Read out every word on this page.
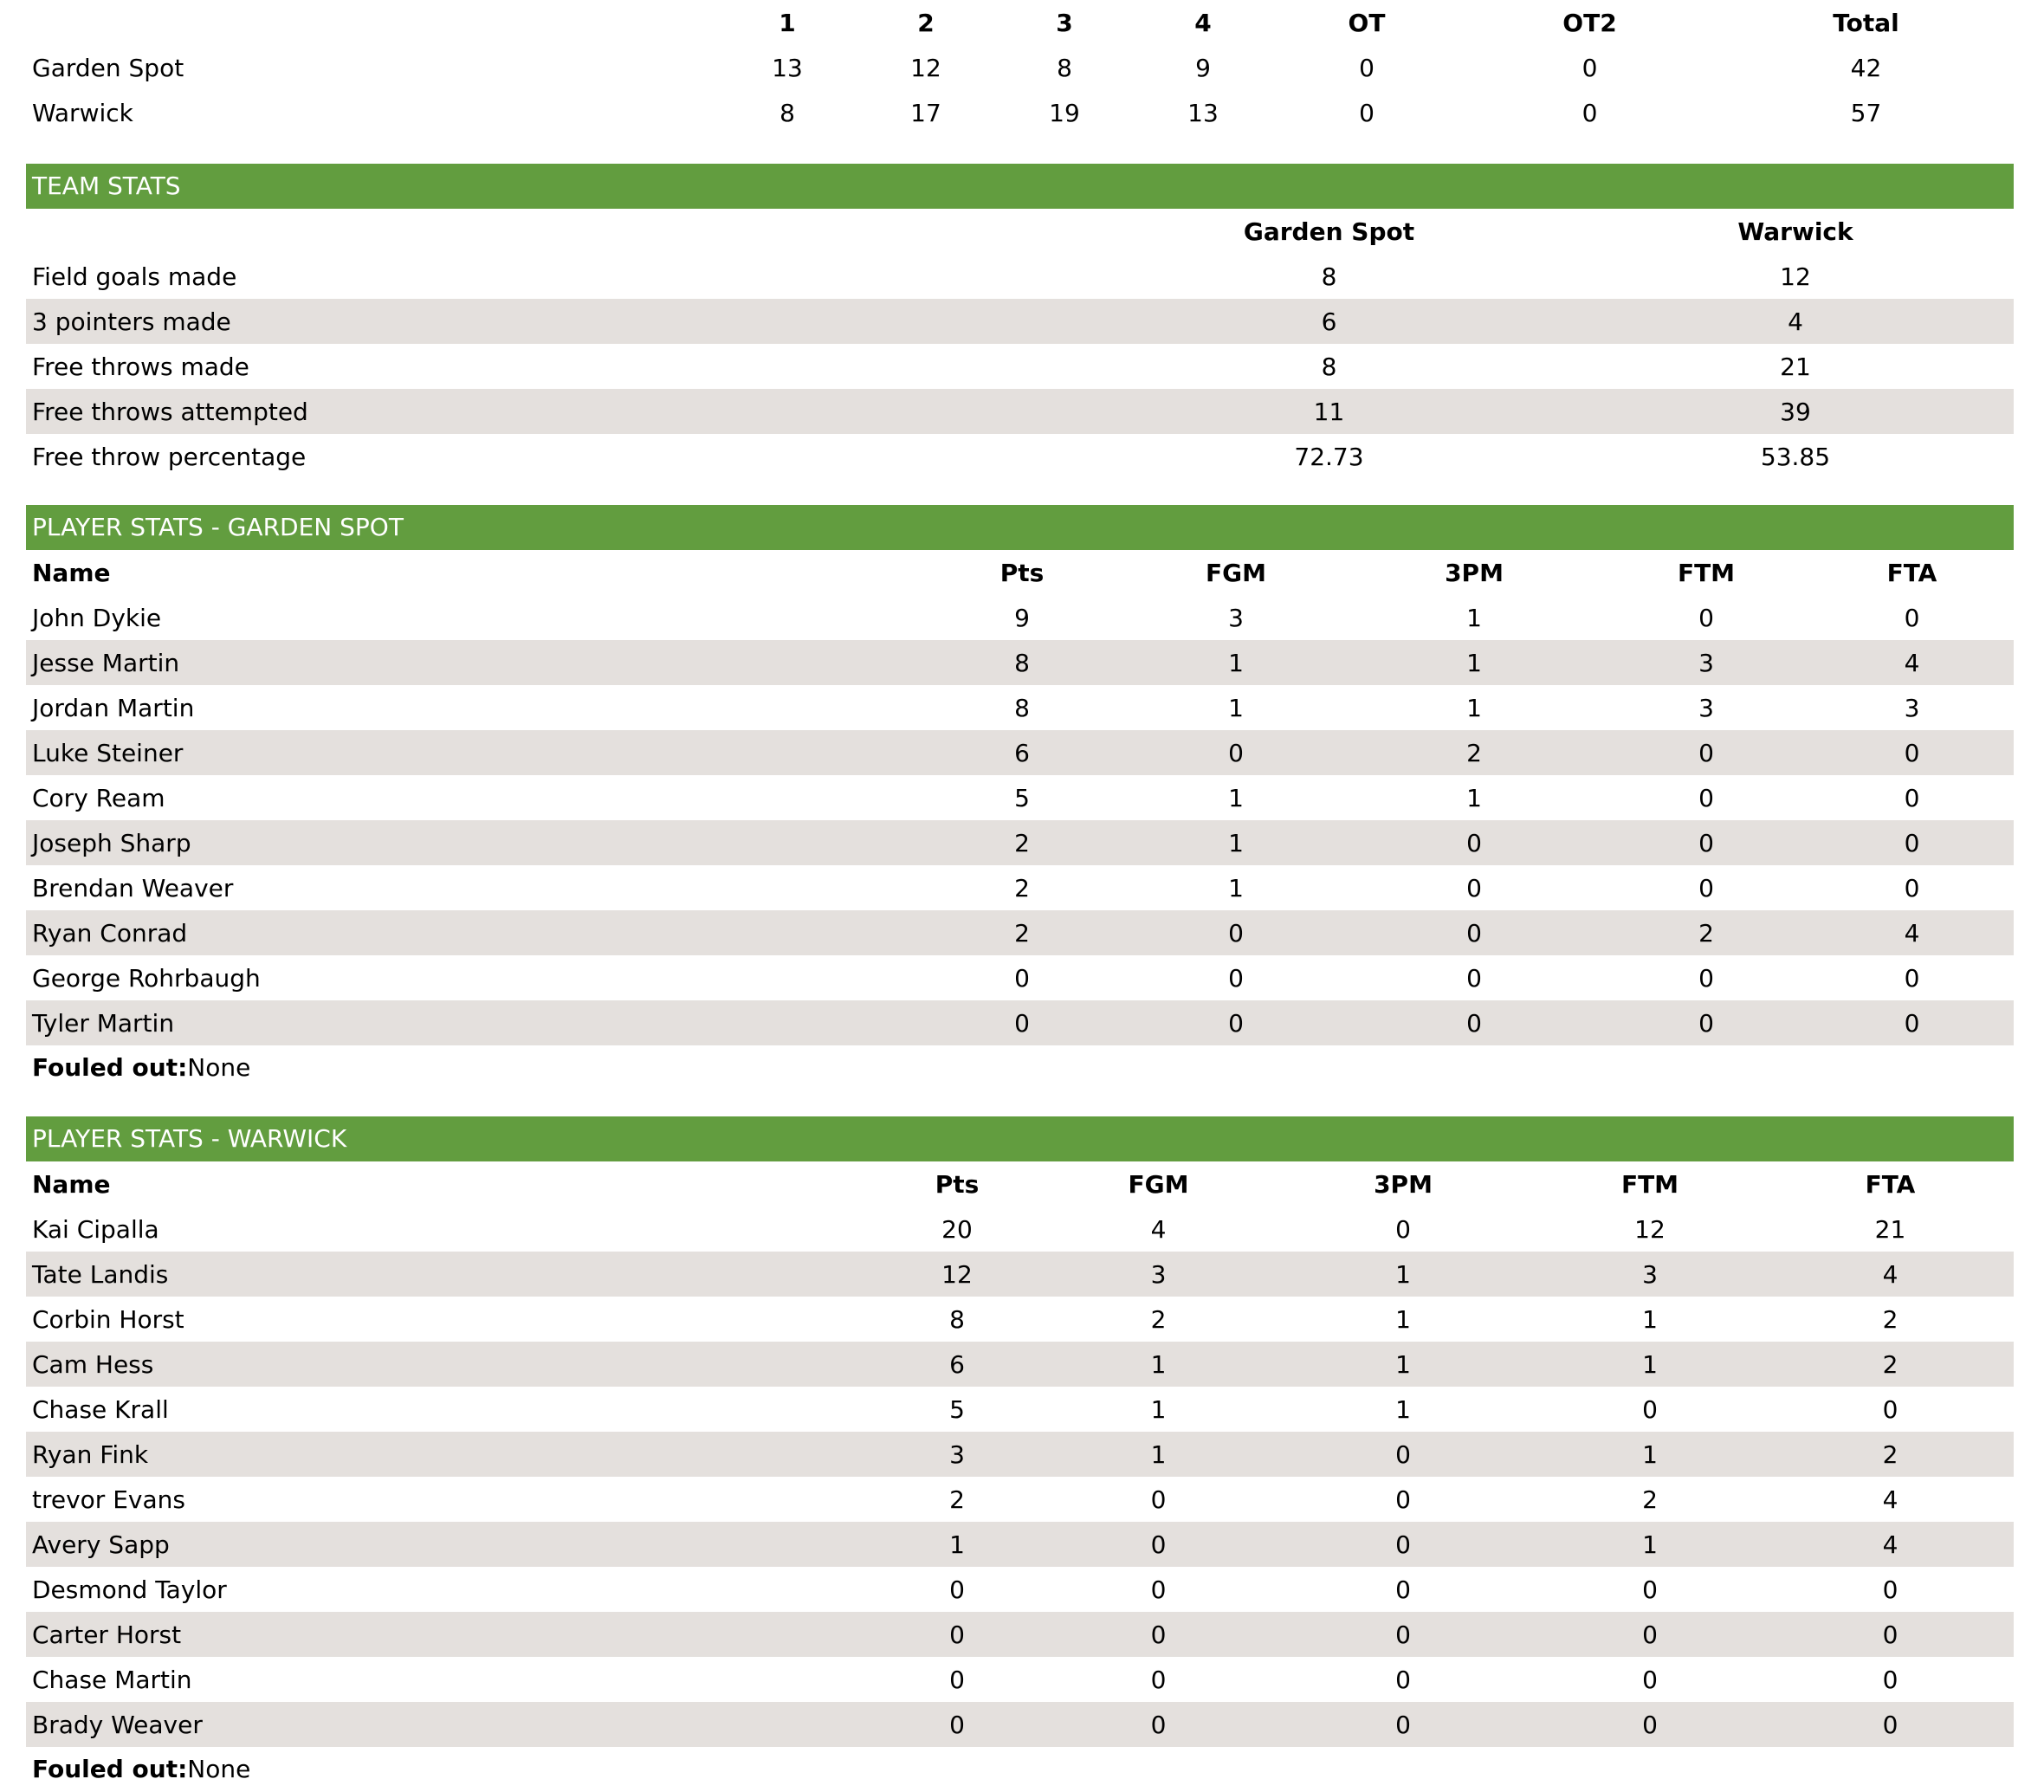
	1	2	3	4	OT	OT2	Total
Garden Spot	13	12	8	9	0	0	42
Warwick	8	17	19	13	0	0	57
TEAM STATS
	Garden Spot	Warwick
Field goals made	8	12
3 pointers made	6	4
Free throws made	8	21
Free throws attempted	11	39
Free throw percentage	72.73	53.85
PLAYER STATS - GARDEN SPOT
Name	Pts	FGM	3PM	FTM	FTA
John Dykie	9	3	1	0	0
Jesse Martin	8	1	1	3	4
Jordan Martin	8	1	1	3	3
Luke Steiner	6	0	2	0	0
Cory Ream	5	1	1	0	0
Joseph Sharp	2	1	0	0	0
Brendan Weaver	2	1	0	0	0
Ryan Conrad	2	0	0	2	4
George Rohrbaugh	0	0	0	0	0
Tyler Martin	0	0	0	0	0
Fouled out:None
PLAYER STATS - WARWICK
Name	Pts	FGM	3PM	FTM	FTA
Kai Cipalla	20	4	0	12	21
Tate Landis	12	3	1	3	4
Corbin Horst	8	2	1	1	2
Cam Hess	6	1	1	1	2
Chase Krall	5	1	1	0	0
Ryan Fink	3	1	0	1	2
trevor Evans	2	0	0	2	4
Avery Sapp	1	0	0	1	4
Desmond Taylor	0	0	0	0	0
Carter Horst	0	0	0	0	0
Chase Martin	0	0	0	0	0
Brady Weaver	0	0	0	0	0
Fouled out:None
